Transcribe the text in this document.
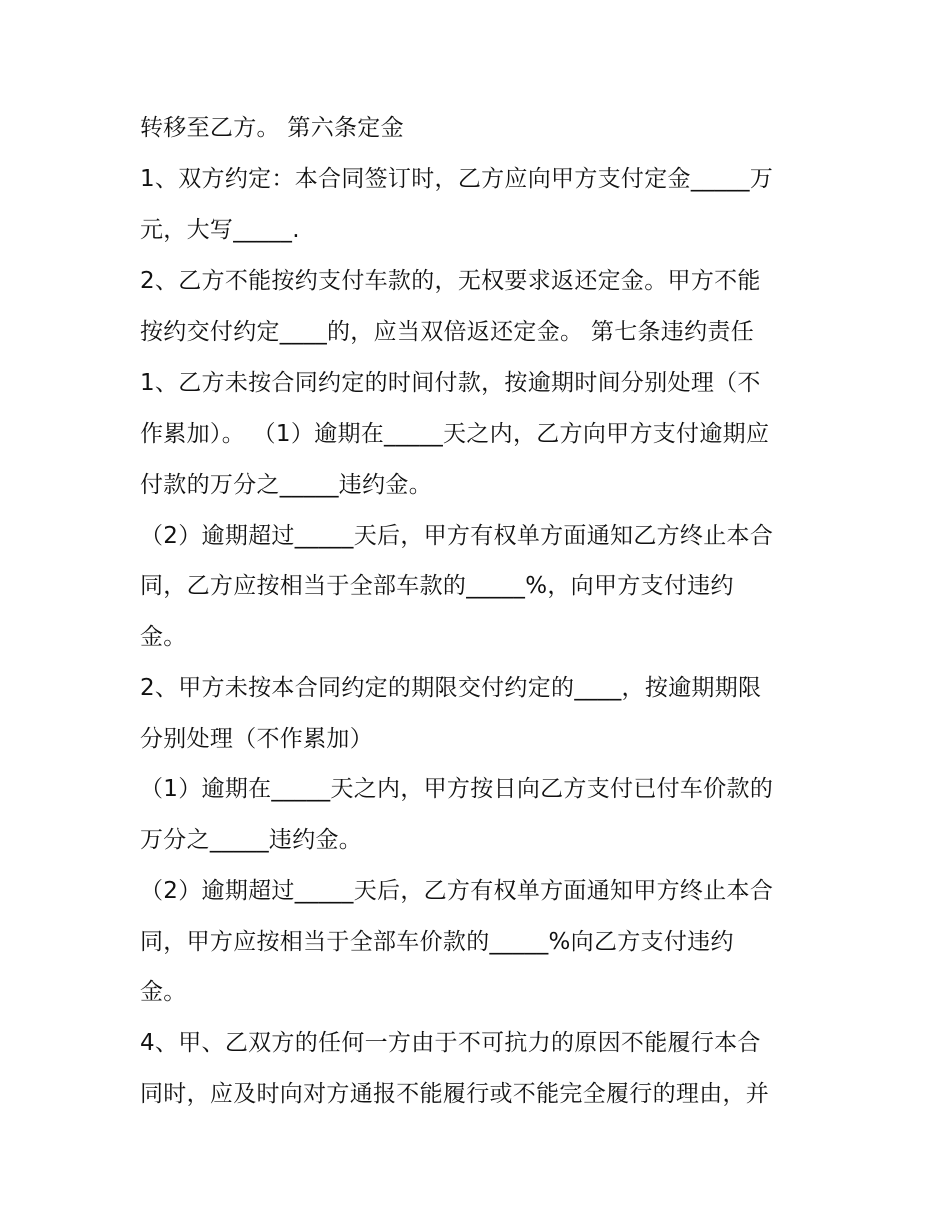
转移至乙方。 第六条定金
1、双方约定：本合同签订时，乙方应向甲方支付定金_____万
元，大写_____.
2、乙方不能按约支付车款的，无权要求返还定金。甲方不能
按约交付约定____的，应当双倍返还定金。 第七条违约责任
1、乙方未按合同约定的时间付款，按逾期时间分别处理（不
作累加）。 （1）逾期在_____天之内，乙方向甲方支付逾期应
付款的万分之_____违约金。
（2）逾期超过_____天后，甲方有权单方面通知乙方终止本合
同，乙方应按相当于全部车款的_____%，向甲方支付违约
金。
2、甲方未按本合同约定的期限交付约定的____，按逾期期限
分别处理（不作累加）
（1）逾期在_____天之内，甲方按日向乙方支付已付车价款的
万分之_____违约金。
（2）逾期超过_____天后，乙方有权单方面通知甲方终止本合
同，甲方应按相当于全部车价款的_____%向乙方支付违约
金。
4、甲、乙双方的任何一方由于不可抗力的原因不能履行本合
同时，应及时向对方通报不能履行或不能完全履行的理由，并
